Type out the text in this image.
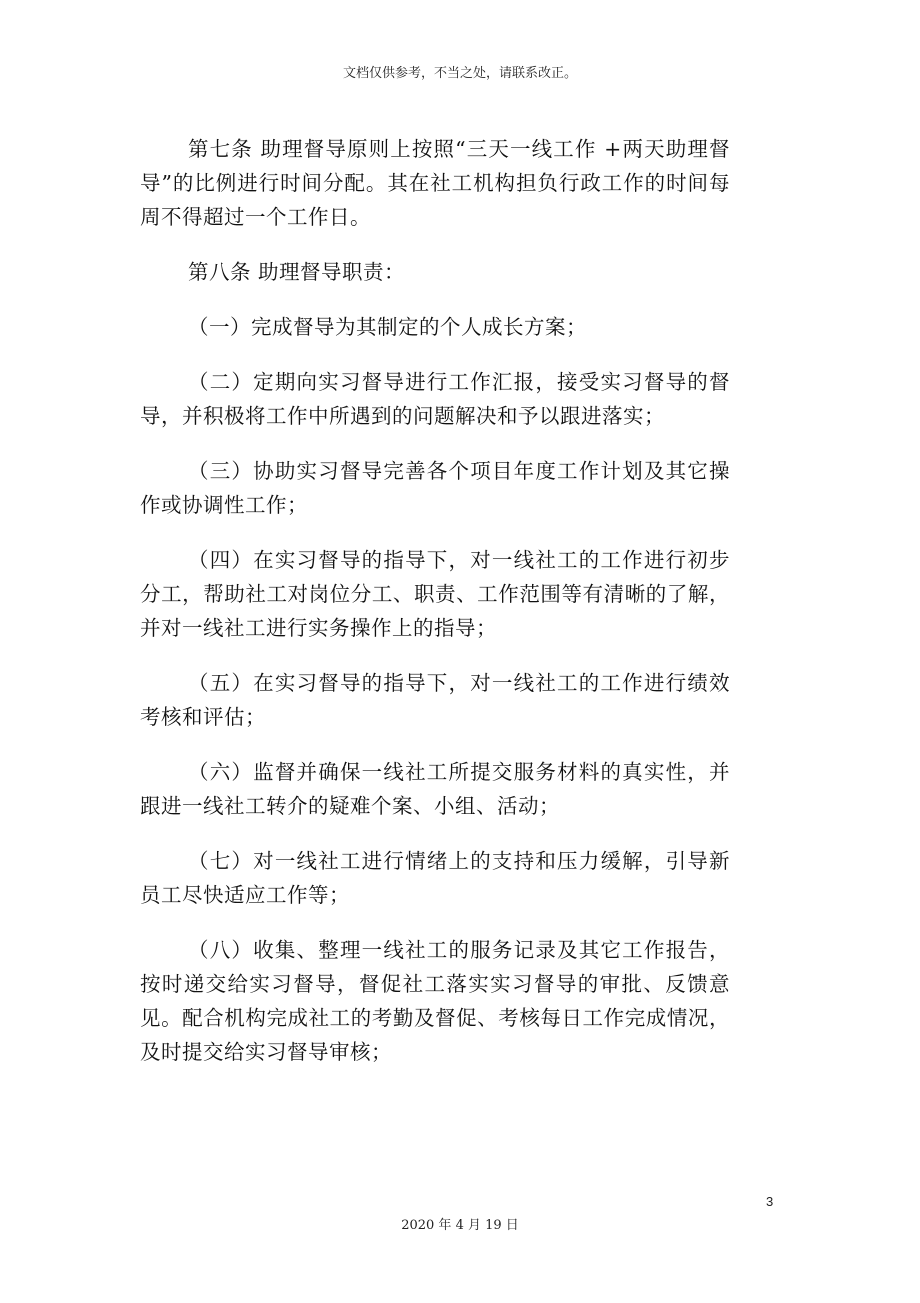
文档仅供参考，不当之处，请联系改正。

第七条 助理督导原则上按照“三天一线工作 +两天助理督导”的比例进行时间分配。其在社工机构担负行政工作的时间每周不得超过一个工作日。

第八条 助理督导职责：

（一）完成督导为其制定的个人成长方案；

（二）定期向实习督导进行工作汇报，接受实习督导的督导，并积极将工作中所遇到的问题解决和予以跟进落实；

（三）协助实习督导完善各个项目年度工作计划及其它操作或协调性工作；

（四）在实习督导的指导下，对一线社工的工作进行初步分工，帮助社工对岗位分工、职责、工作范围等有清晰的了解，并对一线社工进行实务操作上的指导；

（五）在实习督导的指导下，对一线社工的工作进行绩效考核和评估；

（六）监督并确保一线社工所提交服务材料的真实性，并跟进一线社工转介的疑难个案、小组、活动；

（七）对一线社工进行情绪上的支持和压力缓解，引导新员工尽快适应工作等；

（八）收集、整理一线社工的服务记录及其它工作报告，按时递交给实习督导，督促社工落实实习督导的审批、反馈意见。配合机构完成社工的考勤及督促、考核每日工作完成情况，及时提交给实习督导审核；

3
2020 年 4 月 19 日
